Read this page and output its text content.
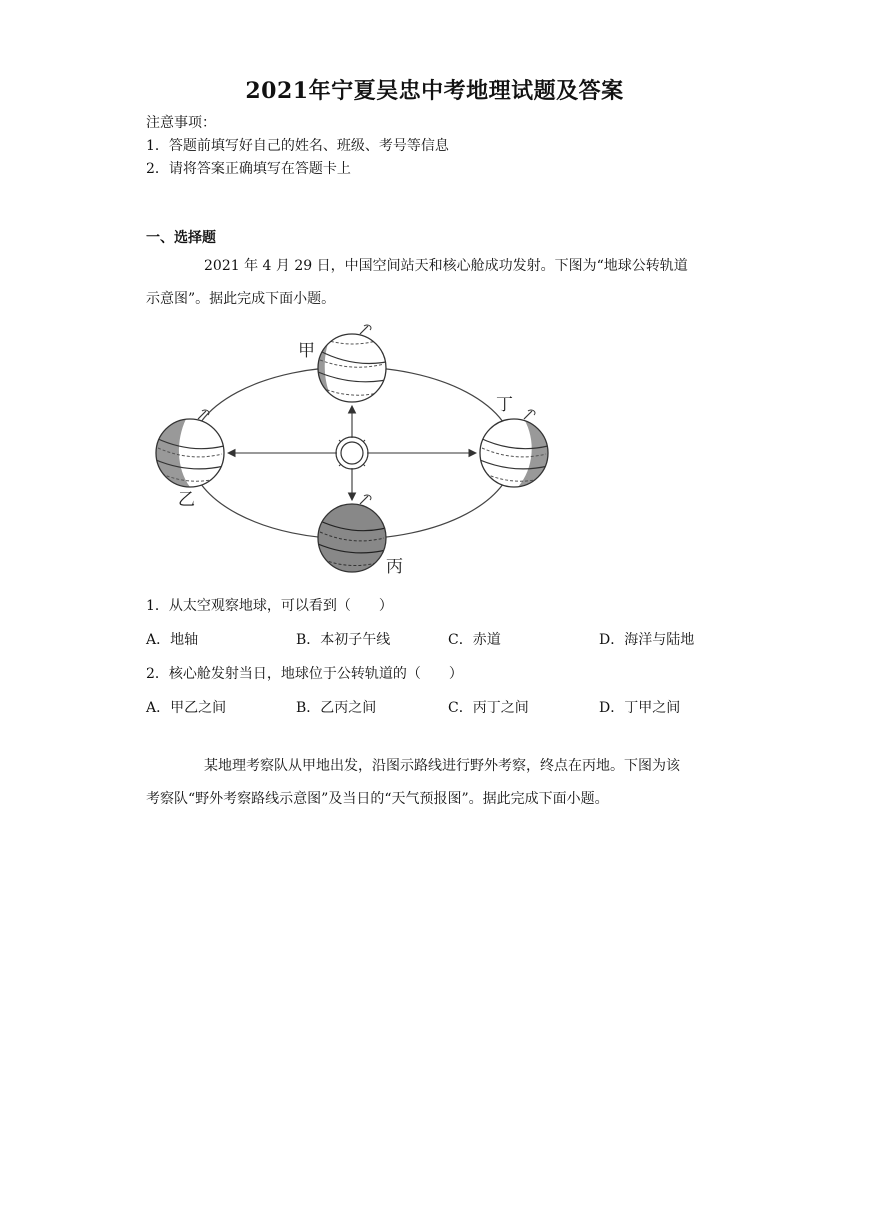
2021年宁夏吴忠中考地理试题及答案
注意事项：
1．答题前填写好自己的姓名、班级、考号等信息
2．请将答案正确填写在答题卡上
一、选择题
2021 年 4 月 29 日，中国空间站天和核心舱成功发射。下图为“地球公转轨道
示意图”。据此完成下面小题。
甲
乙
丙
丁
1．从太空观察地球，可以看到（　　）
A．地轴	B．本初子午线	C．赤道	D．海洋与陆地
2．核心舱发射当日，地球位于公转轨道的（　　）
A．甲乙之间	B．乙丙之间	C．丙丁之间	D．丁甲之间
某地理考察队从甲地出发，沿图示路线进行野外考察，终点在丙地。下图为该
考察队“野外考察路线示意图”及当日的“天气预报图”。据此完成下面小题。
